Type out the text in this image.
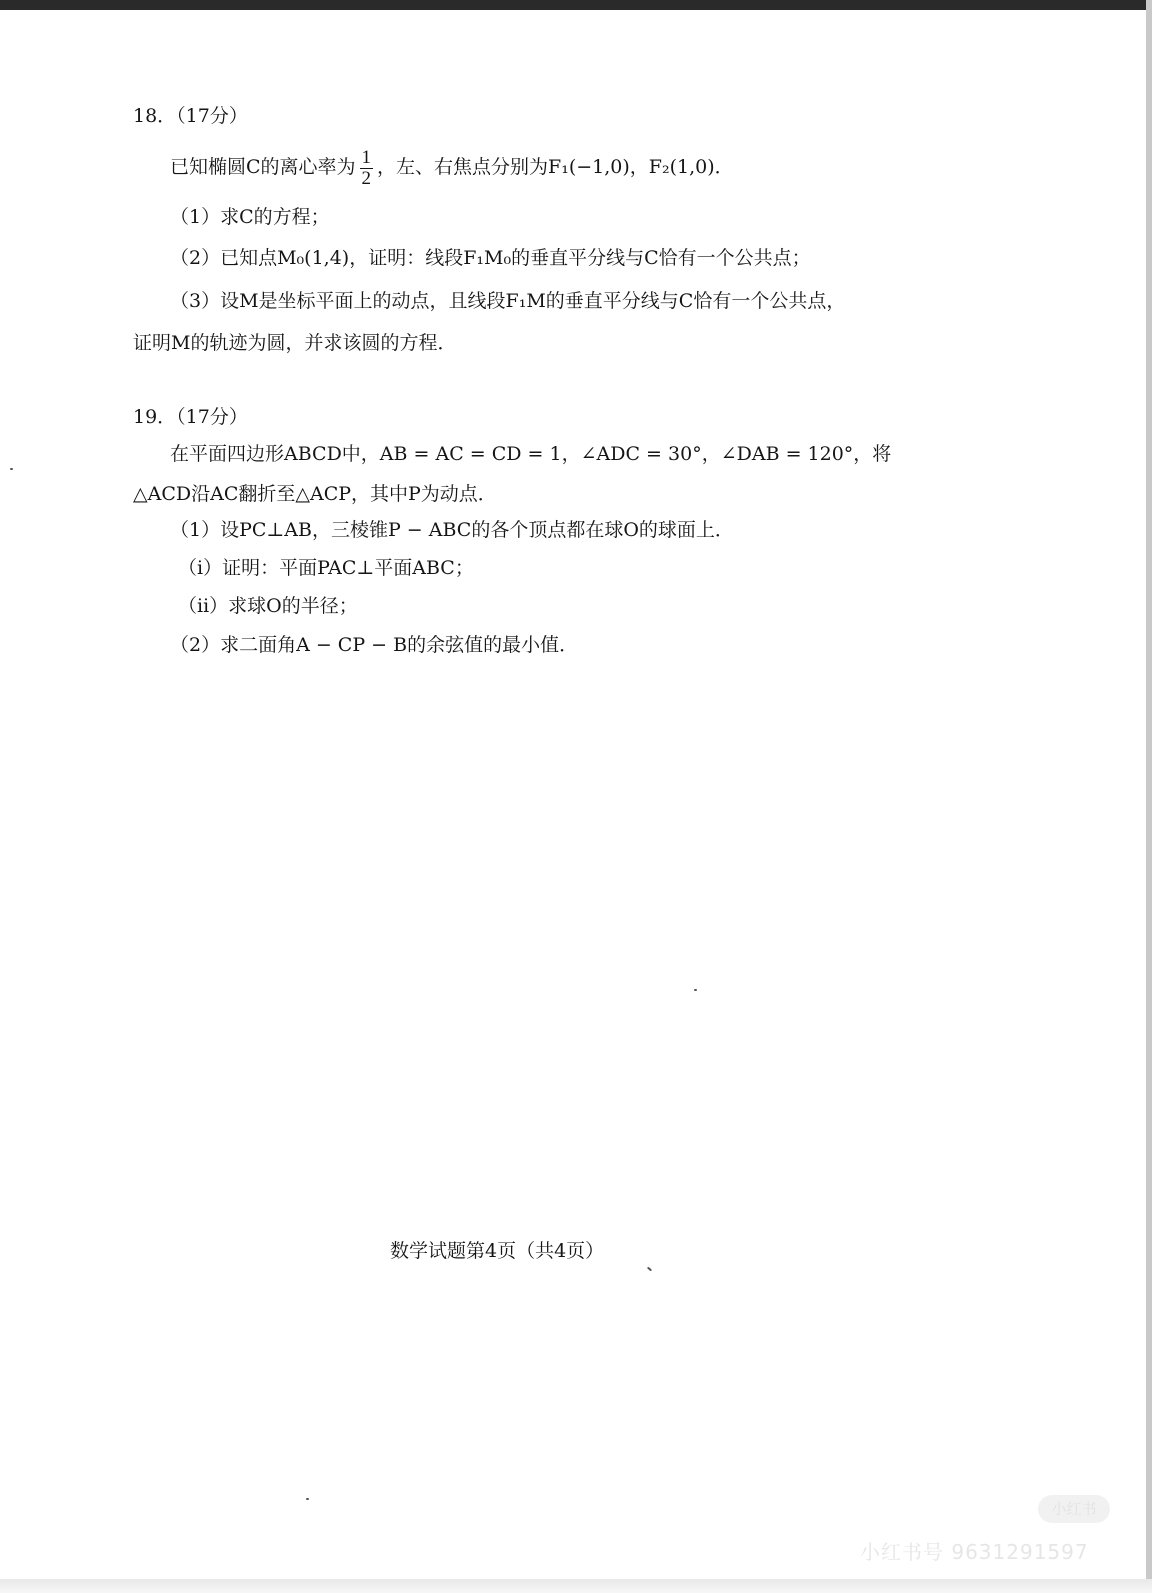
18．（17分）
已知椭圆C的离心率为 $\frac{1}{2}$ ，左、右焦点分别为F₁(−1,0)，F₂(1,0)．
（1）求C的方程；
（2）已知点M₀(1,4)，证明：线段F₁M₀的垂直平分线与C恰有一个公共点；
（3）设M是坐标平面上的动点，且线段F₁M的垂直平分线与C恰有一个公共点，
证明M的轨迹为圆，并求该圆的方程．
19．（17分）
在平面四边形ABCD中，AB = AC = CD = 1，∠ADC = 30°，∠DAB = 120°，将
△ACD沿AC翻折至△ACP，其中P为动点．
（1）设PC⊥AB，三棱锥P − ABC的各个顶点都在球O的球面上．
（ⅰ）证明：平面PAC⊥平面ABC；
（ⅱ）求球O的半径；
（2）求二面角A − CP − B的余弦值的最小值．
数学试题第4页（共4页）
小红书
小红书号 9631291597
